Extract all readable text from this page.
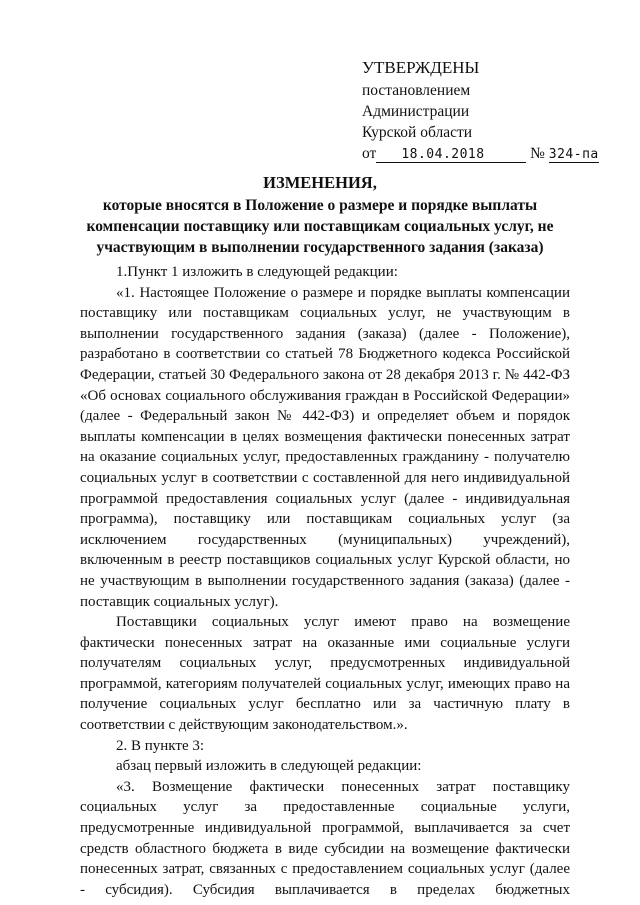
УТВЕРЖДЕНЫ
постановлением
Администрации
Курской области
от 18.04.2018	№ 324-па
ИЗМЕНЕНИЯ,
которые вносятся в Положение о размере и порядке выплаты компенсации поставщику или поставщикам социальных услуг, не участвующим в выполнении государственного задания (заказа)

1.Пункт 1 изложить в следующей редакции:

«1. Настоящее Положение о размере и порядке выплаты компенсации поставщику или поставщикам социальных услуг, не участвующим в выполнении государственного задания (заказа) (далее - Положение), разработано в соответствии со статьей 78 Бюджетного кодекса Российской Федерации, статьей 30 Федерального закона от 28 декабря 2013 г. № 442-ФЗ «Об основах социального обслуживания граждан в Российской Федерации» (далее - Федеральный закон № 442-ФЗ) и определяет объем и порядок выплаты компенсации в целях возмещения фактически понесенных затрат на оказание социальных услуг, предоставленных гражданину - получателю социальных услуг в соответствии с составленной для него индивидуальной программой предоставления социальных услуг (далее - индивидуальная программа), поставщику или поставщикам социальных услуг (за исключением государственных (муниципальных) учреждений), включенным в реестр поставщиков социальных услуг Курской области, но не участвующим в выполнении государственного задания (заказа) (далее - поставщик социальных услуг).

Поставщики социальных услуг имеют право на возмещение фактически понесенных затрат на оказанные ими социальные услуги получателям социальных услуг, предусмотренных индивидуальной программой, категориям получателей социальных услуг, имеющих право на получение социальных услуг бесплатно или за частичную плату в соответствии с действующим законодательством.».

2. В пункте 3:

абзац первый изложить в следующей редакции:

«3. Возмещение фактически понесенных затрат поставщику социальных услуг за предоставленные социальные услуги, предусмотренные индивидуальной программой, выплачивается за счет средств областного бюджета в виде субсидии на возмещение фактически понесенных затрат, связанных с предоставлением социальных услуг (далее - субсидия). Субсидия выплачивается в пределах бюджетных
